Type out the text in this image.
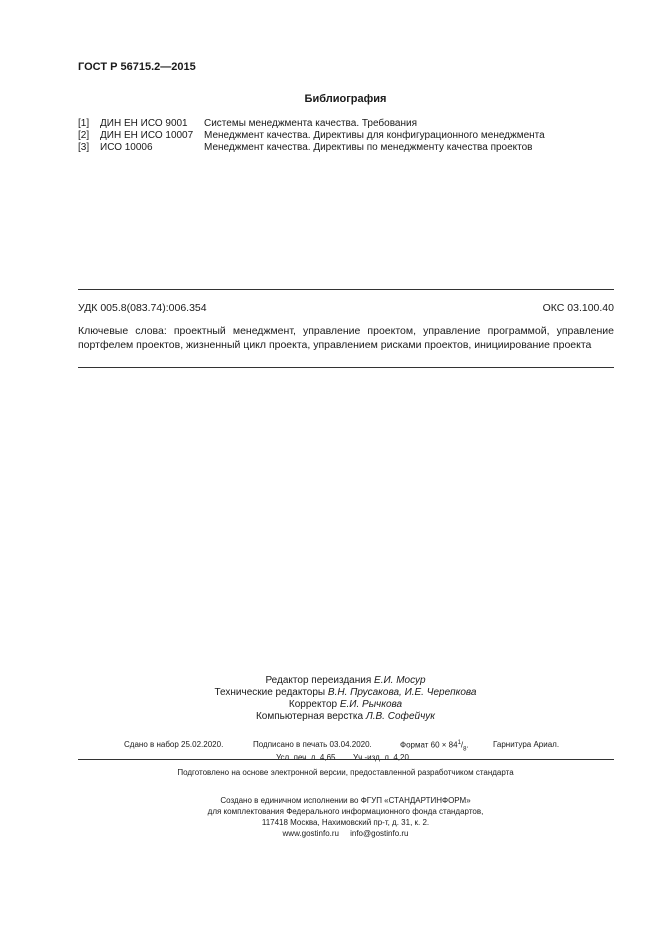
ГОСТ Р 56715.2—2015
Библиография
[1] ДИН ЕН ИСО 9001 Системы менеджмента качества. Требования
[2] ДИН ЕН ИСО 10007 Менеджмент качества. Директивы для конфигурационного менеджмента
[3] ИСО 10006	Менеджмент качества. Директивы по менеджменту качества проектов
УДК 005.8(083.74):006.354	ОКС 03.100.40
Ключевые слова: проектный менеджмент, управление проектом, управление программой, управление портфелем проектов, жизненный цикл проекта, управлением рисками проектов, инициирование проекта
Редактор переиздания Е.И. Мосур
Технические редакторы В.Н. Прусакова, И.Е. Черепкова
Корректор Е.И. Рычкова
Компьютерная верстка Л.В. Софейчук
Сдано в набор 25.02.2020.	Подписано в печать 03.04.2020.	Формат $60 \times 84^1/_8$.	Гарнитура Ариал.
Усл. печ. л. 4,65. Уч.-изд. л. 4,20.
Подготовлено на основе электронной версии, предоставленной разработчиком стандарта
Создано в единичном исполнении во ФГУП «СТАНДАРТИНФОРМ»
для комплектования Федерального информационного фонда стандартов,
117418 Москва, Нахимовский пр-т, д. 31, к. 2.
www.gostinfo.ru info@gostinfo.ru
